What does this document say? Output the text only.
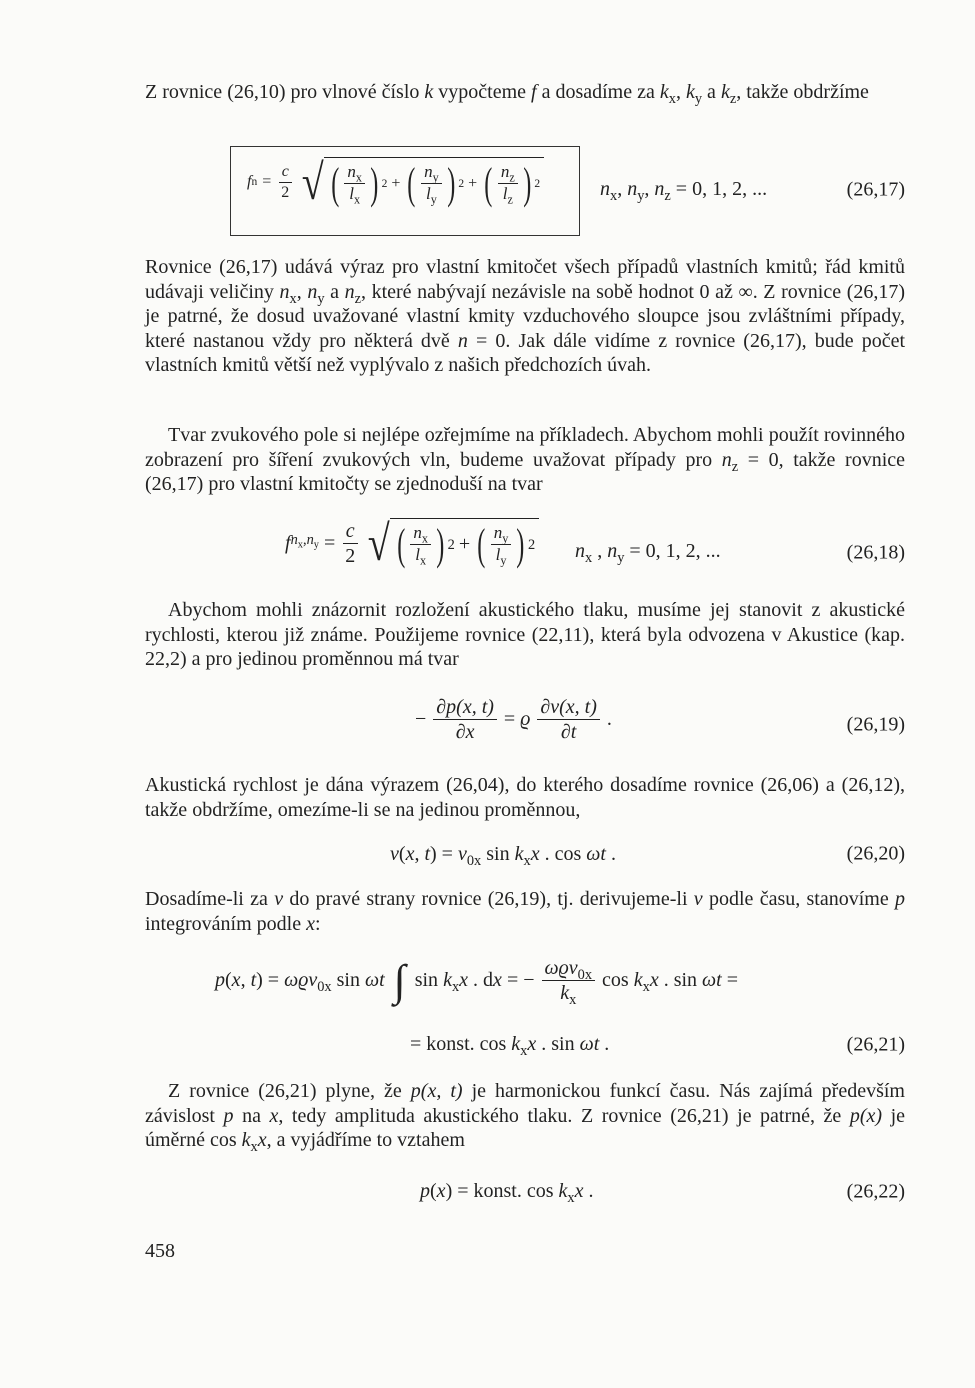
Z rovnice (26,10) pro vlnové číslo k vypočteme f a dosadíme za $k_x$, $k_y$ a $k_z$, takže obdržíme
f $n = \frac{c}{2}$ √ ( $\frac{n_x}{l_x}$ ) 2 + ( $\frac{n_y}{l_y}$ ) 2 + ( $\frac{n_z}{l_z}$ ) 2	$n_x$, $n_y$, $n_z = 0$, 1, 2, ...	(26,17)
Rovnice (26,17) udává výraz pro vlastní kmitočet všech případů vlastních kmitů; řád kmitů udávaji veličiny $n_x$, $n_y$ a $n_z$, které nabývají nezávisle na sobě hodnot 0 až ∞. Z rovnice (26,17) je patrné, že dosud uvažované vlastní kmity vzduchového sloupce jsou zvláštními případy, které nastanou vždy pro některá dvě n = 0. Jak dále vidíme z rovnice (26,17), bude počet vlastních kmitů větší než vyplývalo z našich předchozích úvah.
Tvar zvukového pole si nejlépe ozřejmíme na příkladech. Abychom mohli použít rovinného zobrazení pro šíření zvukových vln, budeme uvažovat případy pro $n_z = 0$, takže rovnice (26,17) pro vlastní kmitočty se zjednoduší na tvar
f $n_x,n_y = \frac{c}{2}$ √ ( $\frac{n_x}{l_x}$ ) 2 + ( $\frac{n_y}{l_y}$ ) 2 $n_x$ , $n_y = 0$, 1, 2, ...	(26,18)
Abychom mohli znázornit rozložení akustického tlaku, musíme jej stanovit z akustické rychlosti, kterou již známe. Použijeme rovnice (22,11), která byla odvozena v Akustice (kap. 22,2) a pro jedinou proměnnou má tvar
− $\frac{\partial p(x, t)}{\partial x} = ϱ \frac{\partial v(x, t)}{\partial t}$ .	(26,19)
Akustická rychlost je dána výrazem (26,04), do kterého dosadíme rovnice (26,06) a (26,12), takže obdržíme, omezíme-li se na jedinou proměnnou,
v(x, $t) = v_{0x}$ $\sin k_xx$ . cos ωt .	(26,20)
Dosadíme-li za v do pravé strany rovnice (26,19), tj. derivujeme-li v podle času, stanovíme p integrováním podle x:
p(x, t) = ωϱv$_{0x}$ sin ωt ∫ $\sin k_xx$ . dx = − $\frac{\omega ϱv_{0x}}{k_x}$ $\cos k_xx$ . sin ωt =
= konst. $\cos k_xx$ . sin ωt .	(26,21)
Z rovnice (26,21) plyne, že p(x, t) je harmonickou funkcí času. Nás zajímá především závislost p na x, tedy amplituda akustického tlaku. Z rovnice (26,21) je patrné, že p(x) je úměrné $\cos k_xx$, a vyjádříme to vztahem
p(x) = konst. $\cos k_xx$ .	(26,22)
458
